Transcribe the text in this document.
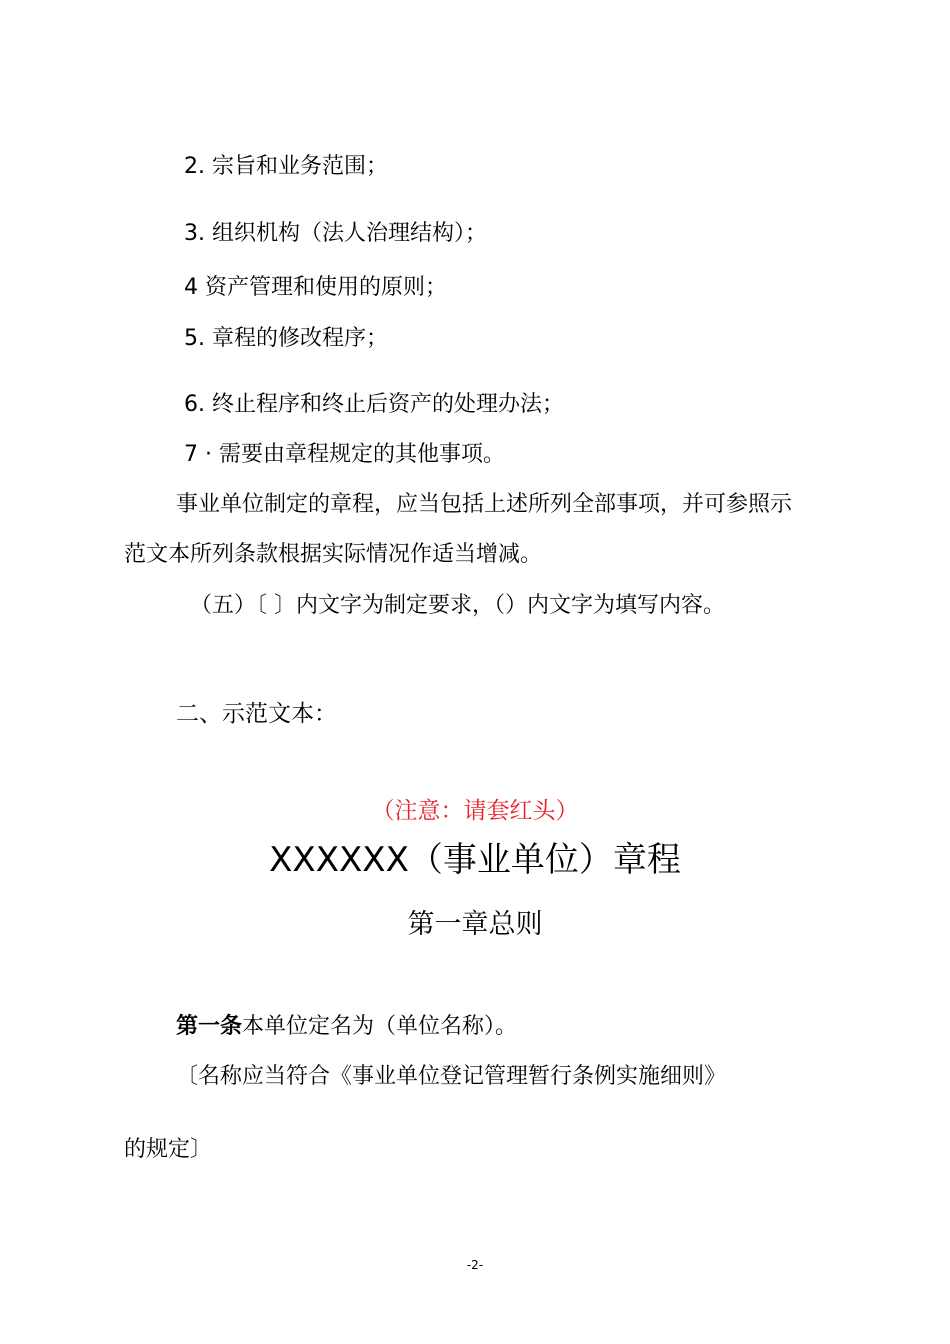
2. 宗旨和业务范围；
3. 组织机构（法人治理结构）；
4 资产管理和使用的原则；
5. 章程的修改程序；
6. 终止程序和终止后资产的处理办法；
7 · 需要由章程规定的其他事项。
事业单位制定的章程，应当包括上述所列全部事项，并可参照示
范文本所列条款根据实际情况作适当增减。
（五）〔 〕内文字为制定要求，（）内文字为填写内容。
二、示范文本：
（注意：请套红头）
XXXXXX（事业单位）章程
第一章总则
第一条本单位定名为（单位名称）。
〔名称应当符合《事业单位登记管理暂行条例实施细则》
的规定〕
-2-
